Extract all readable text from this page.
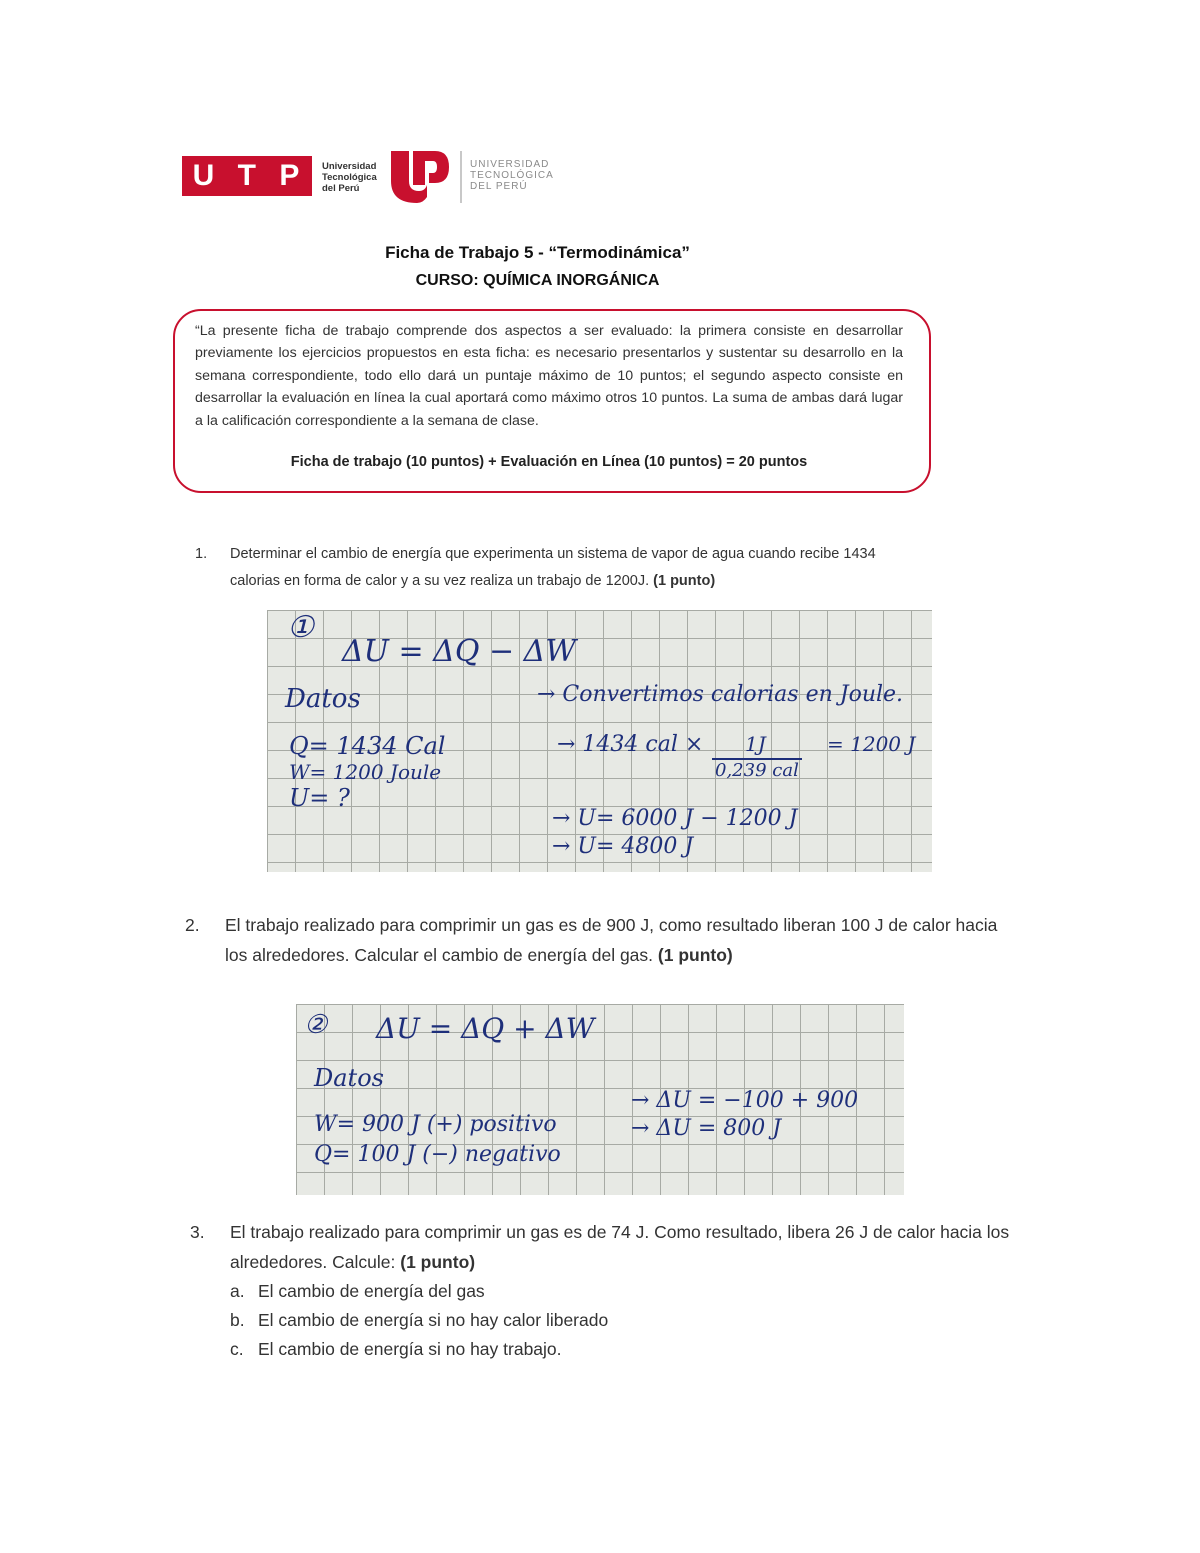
U T P Universidad
Tecnológica
del Perú
UNIVERSIDAD
TECNOLÓGICA
DEL PERÚ
Ficha de Trabajo 5 - “Termodinámica”
CURSO: QUÍMICA INORGÁNICA
“La presente ficha de trabajo comprende dos aspectos a ser evaluado: la primera consiste en desarrollar previamente los ejercicios propuestos en esta ficha: es necesario presentarlos y sustentar su desarrollo en la semana correspondiente, todo ello dará un puntaje máximo de 10 puntos; el segundo aspecto consiste en desarrollar la evaluación en línea la cual aportará como máximo otros 10 puntos. La suma de ambas dará lugar a la calificación correspondiente a la semana de clase.
Ficha de trabajo (10 puntos) + Evaluación en Línea (10 puntos) = 20 puntos
1. Determinar el cambio de energía que experimenta un sistema de vapor de agua cuando recibe 1434 calorias en forma de calor y a su vez realiza un trabajo de 1200J. (1 punto)
①
ΔU = ΔQ − ΔW
Datos	→ Convertimos calorias en Joule.
Q= 1434 Cal
W= 1200 Joule
U= ?
→ 1434 cal × 1J
0,239 cal
= 1200 J
→ U= 6000 J − 1200 J
→ U= 4800 J
2. El trabajo realizado para comprimir un gas es de 900 J, como resultado liberan 100 J de calor hacia los alrededores. Calcular el cambio de energía del gas. (1 punto)
② ΔU = ΔQ + ΔW
Datos
W= 900 J (+) positivo
Q= 100 J (−) negativo
→ ΔU = −100 + 900
→ ΔU = 800 J
3. El trabajo realizado para comprimir un gas es de 74 J. Como resultado, libera 26 J de calor hacia los alrededores. Calcule: (1 punto)
a. El cambio de energía del gas
b. El cambio de energía si no hay calor liberado
c. El cambio de energía si no hay trabajo.
